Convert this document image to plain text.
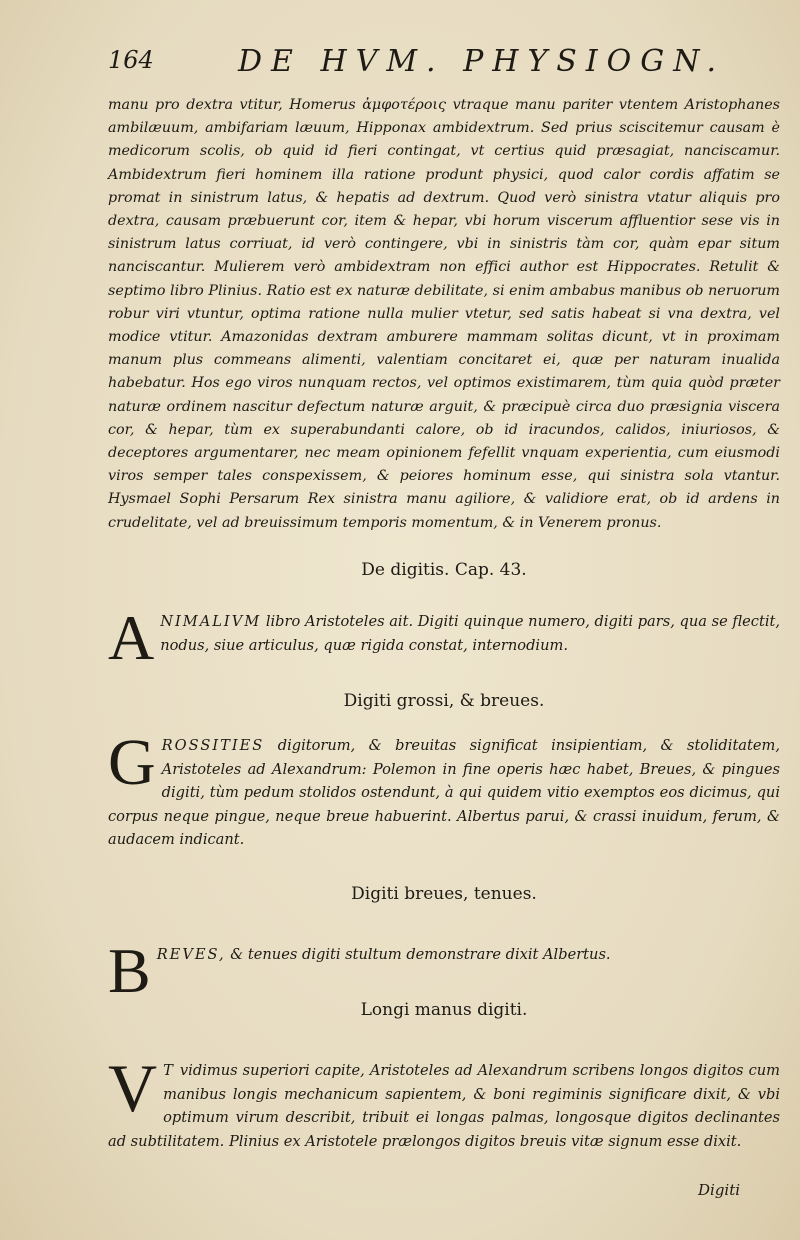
164	DE HVM. PHYSIOGN.

manu pro dextra vtitur, Homerus ἀμφοτέροις vtraque manu pariter vtentem Aristophanes ambilæuum, ambifariam læuum, Hipponax ambidextrum. Sed prius sciscitemur causam è medicorum scolis, ob quid id fieri contingat, vt certius quid præsagiat, nanciscamur. Ambidextrum fieri hominem illa ratione produnt physici, quod calor cordis affatim se promat in sinistrum latus, & hepatis ad dextrum. Quod verò sinistra vtatur aliquis pro dextra, causam præbuerunt cor, item & hepar, vbi horum viscerum affluentior sese vis in sinistrum latus corriuat, id verò contingere, vbi in sinistris tàm cor, quàm epar situm nanciscantur. Mulierem verò ambidextram non effici author est Hippocrates. Retulit & septimo libro Plinius. Ratio est ex naturæ debilitate, si enim ambabus manibus ob neruorum robur viri vtuntur, optima ratione nulla mulier vtetur, sed satis habeat si vna dextra, vel modice vtitur. Amazonidas dextram amburere mammam solitas dicunt, vt in proximam manum plus commeans alimenti, valentiam concitaret ei, quæ per naturam inualida habebatur. Hos ego viros nunquam rectos, vel optimos existimarem, tùm quia quòd præter naturæ ordinem nascitur defectum naturæ arguit, & præcipuè circa duo præsignia viscera cor, & hepar, tùm ex superabundanti calore, ob id iracundos, calidos, iniuriosos, & deceptores argumentarer, nec meam opinionem fefellit vnquam experientia, cum eiusmodi viros semper tales conspexissem, & peiores hominum esse, qui sinistra sola vtantur. Hysmael Sophi Persarum Rex sinistra manu agiliore, & validiore erat, ob id ardens in crudelitate, vel ad breuissimum temporis momentum, & in Venerem pronus.

De digitis. Cap. 43.
A NIMALIVM libro Aristoteles ait. Digiti quinque numero, digiti pars, qua se flectit, nodus, siue articulus, quæ rigida constat, internodium.

Digiti grossi, & breues.
G ROSSITIES digitorum, & breuitas significat insipientiam, & stoliditatem, Aristoteles ad Alexandrum: Polemon in fine operis hæc habet, Breues, & pingues digiti, tùm pedum stolidos ostendunt, à qui quidem vitio exemptos eos dicimus, qui corpus neque pingue, neque breue habuerint. Albertus parui, & crassi inuidum, ferum, & audacem indicant.

Digiti breues, tenues.
B REVES, & tenues digiti stultum demonstrare dixit Albertus.

Longi manus digiti.
V T vidimus superiori capite, Aristoteles ad Alexandrum scribens longos digitos cum manibus longis mechanicum sapientem, & boni regiminis significare dixit, & vbi optimum virum describit, tribuit ei longas palmas, longosque digitos declinantes ad subtilitatem. Plinius ex Aristotele prælongos digitos breuis vitæ signum esse dixit.

Digiti
